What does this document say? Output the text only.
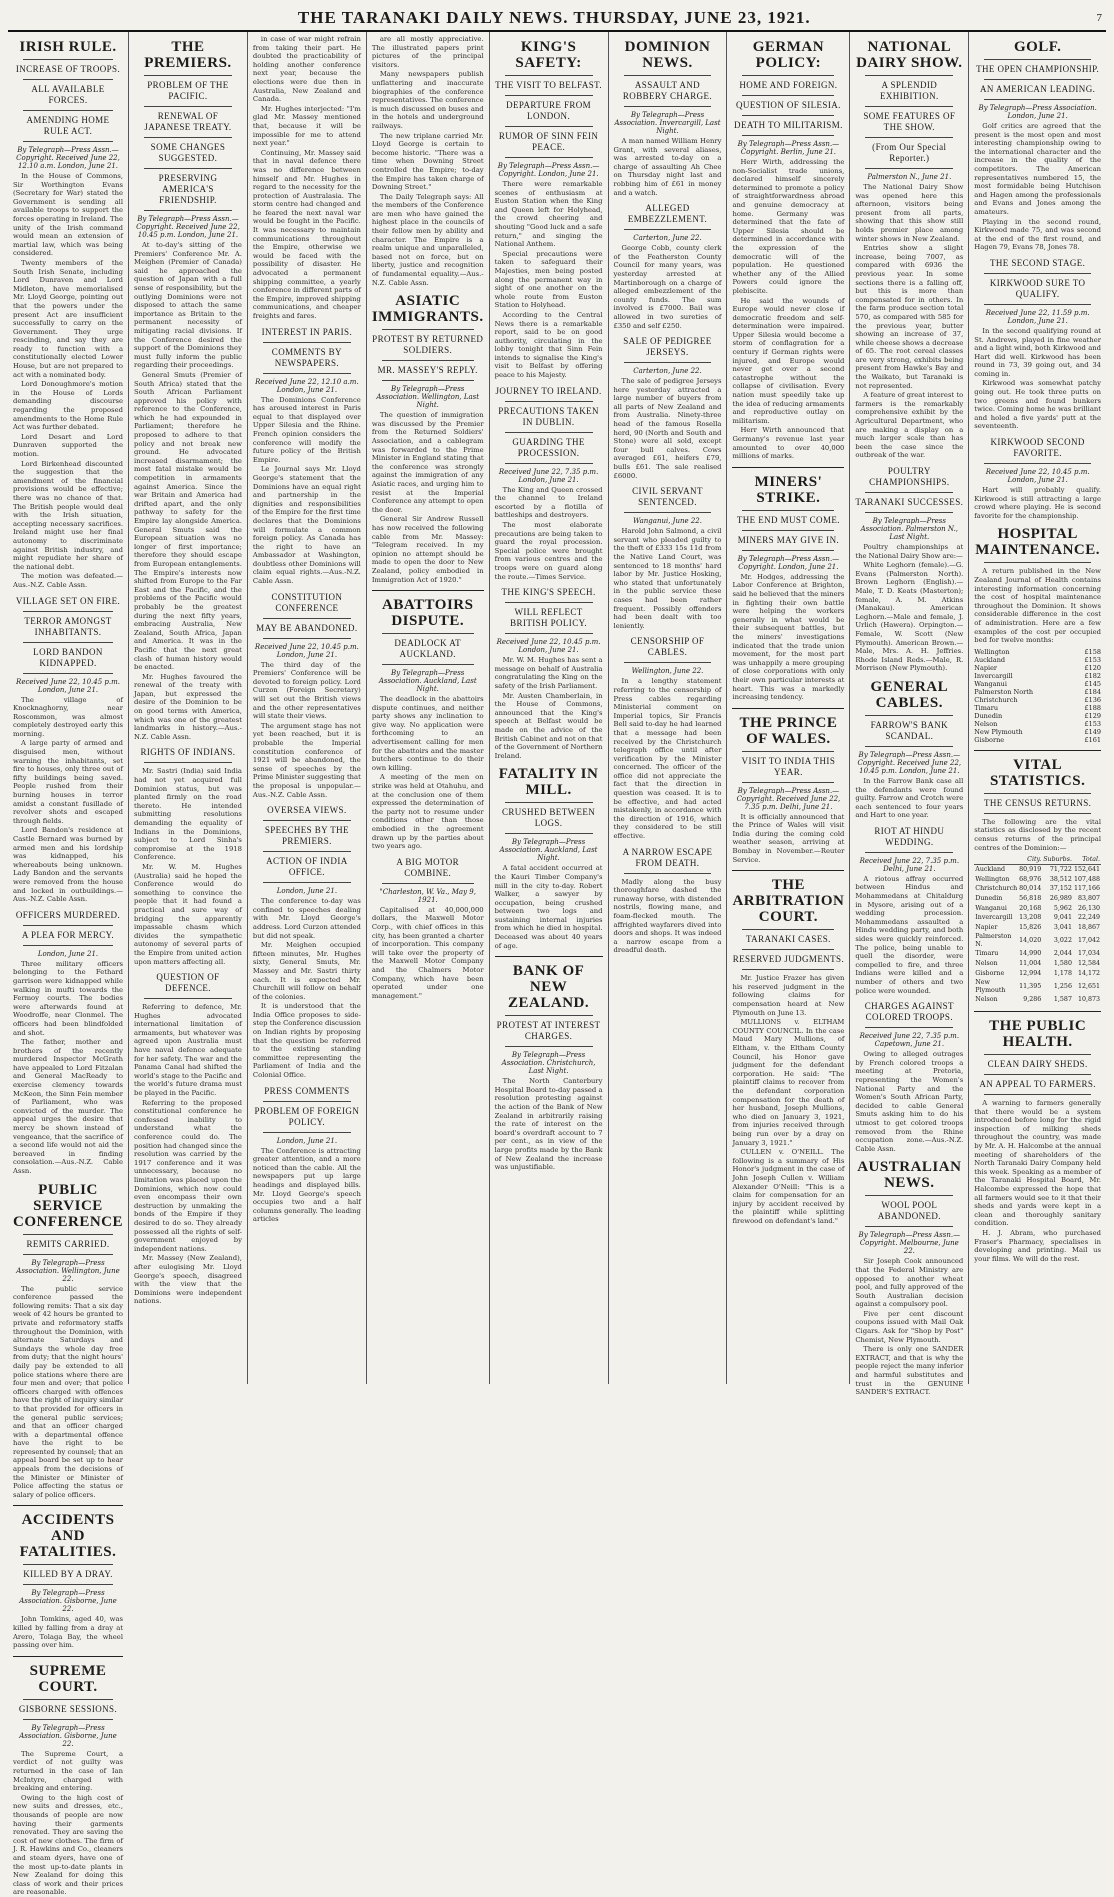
THE TARANAKI DAILY NEWS. THURSDAY, JUNE 23, 1921.	7
IRISH RULE.
INCREASE OF TROOPS.
ALL AVAILABLE FORCES.
AMENDING HOME RULE ACT.
By Telegraph—Press Assn.—Copyright. Received June 22, 12.10 a.m. London, June 21.

In the House of Commons, Sir Worthington Evans (Secretary for War) stated the Government is sending all available troops to support the forces operating in Ireland. The unity of the Irish command would mean an extension of martial law, which was being considered.

Twenty members of the South Irish Senate, including Lord Dunraven and Lord Midleton, have memorialised Mr. Lloyd George, pointing out that the powers under the present Act are insufficient successfully to carry on the Government. They urge rescinding, and say they are ready to function with a constitutionally elected Lower House, but are not prepared to act with a nominated body.

Lord Donoughmore's motion in the House of Lords demanding discourse regarding the proposed amendments to the Home Rule Act was further debated.

Lord Desart and Lord Dunraven supported the motion.

Lord Birkenhead discounted the suggestion that the amendment of the financial provisions would be effective; there was no chance of that. The British people would deal with the Irish situation, accepting necessary sacrifices. Ireland might use her final autonomy to discriminate against British industry, and might repudiate her share of the national debt.

The motion was defeated.—Aus.-N.Z. Cable Assn.

VILLAGE SET ON FIRE.
TERROR AMONGST INHABITANTS.
LORD BANDON KIDNAPPED.
Received June 22, 10.45 p.m. London, June 21.

The village of Knocknaghorny, near Roscommon, was almost completely destroyed early this morning.

A large party of armed and disguised men, without warning the inhabitants, set fire to houses, only three out of fifty buildings being saved. People rushed from their burning houses in terror amidst a constant fusillade of revolver shots and escaped through fields.

Lord Bandon's residence at Castle Bernard was burned by armed men and his lordship was kidnapped, his whereabouts being unknown. Lady Bandon and the servants were removed from the house and locked in outbuildings.—Aus.-N.Z. Cable Assn.

OFFICERS MURDERED.
A PLEA FOR MERCY.
London, June 21.

Three military officers belonging to the Fethard garrison were kidnapped while walking in mufti towards the Fermoy courts. The bodies were afterwards found at Woodroffe, near Clonmel. The officers had been blindfolded and shot.

The father, mother and brothers of the recently murdered Inspector McGrath have appealed to Lord Fitzalan and General MacReady to exercise clemency towards McKeon, the Sinn Fein member of Parliament, who was convicted of the murder. The appeal urges the desire that mercy be shown instead of vengeance, that the sacrifice of a second life would not aid the bereaved in finding consolation.—Aus.-N.Z. Cable Assn.

PUBLIC SERVICE CONFERENCE
REMITS CARRIED.
By Telegraph—Press Association. Wellington, June 22.

The public service conference passed the following remits: That a six day week of 42 hours be granted to private and reformatory staffs throughout the Dominion, with alternate Saturdays and Sundays the whole day free from duty; that the night hours' daily pay be extended to all police stations where there are four men and over; that police officers charged with offences have the right of inquiry similar to that provided for officers in the general public services; and that an officer charged with a departmental offence have the right to be represented by counsel; that an appeal board be set up to hear appeals from the decisions of the Minister or Minister of Police affecting the status or salary of police officers.

ACCIDENTS AND FATALITIES.
KILLED BY A DRAY.
By Telegraph—Press Association. Gisborne, June 22.

John Tomkins, aged 40, was killed by falling from a dray at Arero, Tolaga Bay, the wheel passing over him.

SUPREME COURT.
GISBORNE SESSIONS.
By Telegraph—Press Association. Gisborne, June 22.

The Supreme Court, a verdict of not guilty was returned in the case of Ian McIntyre, charged with breaking and entering.

Owing to the high cost of new suits and dresses, etc., thousands of people are now having their garments renovated. They are saving the cost of new clothes. The firm of J. R. Hawkins and Co., cleaners and steam dyers, have one of the most up-to-date plants in New Zealand for doing this class of work and their prices are reasonable.

THE PREMIERS.
PROBLEM OF THE PACIFIC.
RENEWAL OF JAPANESE TREATY.
SOME CHANGES SUGGESTED.
PRESERVING AMERICA'S FRIENDSHIP.
By Telegraph—Press Assn.—Copyright. Received June 22, 10.45 p.m. London, June 21.

At to-day's sitting of the Premiers' Conference Mr. A. Meighen (Premier of Canada) said he approached the question of Japan with a full sense of responsibility, but the outlying Dominions were not disposed to attach the same importance as Britain to the permanent necessity of mitigating racial divisions. If the Conference desired the support of the Dominions they must fully inform the public regarding their proceedings.

General Smuts (Premier of South Africa) stated that the South African Parliament approved his policy with reference to the Conference, which he had expounded in Parliament; therefore he proposed to adhere to that policy and not break new ground. He advocated increased disarmament; the most fatal mistake would be competition in armaments against America. Since the war Britain and America had drifted apart, and the only pathway to safety for the Empire lay alongside America. General Smuts said the European situation was no longer of first importance; therefore they should escape from European entanglements. The Empire's interests now shifted from Europe to the Far East and the Pacific, and the problems of the Pacific would probably be the greatest during the next fifty years, embracing Australia, New Zealand, South Africa, Japan and America. It was in the Pacific that the next great clash of human history would be enacted.

Mr. Hughes favoured the renewal of the treaty with Japan, but expressed the desire of the Dominion to be on good terms with America, which was one of the greatest landmarks in history.—Aus.-N.Z. Cable Assn.

RIGHTS OF INDIANS.

Mr. Sastri (India) said India had not yet acquired full Dominion status, but was planted firmly on the road thereto. He intended submitting resolutions demanding the equality of Indians in the Dominions, subject to Lord Sinha's compromise at the 1918 Conference.

Mr. W. M. Hughes (Australia) said he hoped the Conference would do something to convince the people that it had found a practical and sure way of bridging the apparently impassable chasm which divides the sympathetic autonomy of several parts of the Empire from united action upon matters affecting all.

QUESTION OF DEFENCE.

Referring to defence, Mr. Hughes advocated international limitation of armaments, but whatever was agreed upon Australia must have naval defence adequate for her safety. The war and the Panama Canal had shifted the world's stage to the Pacific and the world's future drama must be played in the Pacific.

Referring to the proposed constitutional conference he confessed inability to understand what the conference could do. The position had changed since the resolution was carried by the 1917 conference and it was unnecessary, because no limitation was placed upon the Dominions, which now could even encompass their own destruction by unmaking the bonds of the Empire if they desired to do so. They already possessed all the rights of self-government enjoyed by independent nations.

Mr. Massey (New Zealand), after eulogising Mr. Lloyd George's speech, disagreed with the view that the Dominions were independent nations.

in case of war might refrain from taking their part. He doubted the practicability of holding another conference next year, because the elections were due then in Australia, New Zealand and Canada.

Mr. Hughes interjected: "I'm glad Mr. Massey mentioned that, because it will be impossible for me to attend next year."

Continuing, Mr. Massey said that in naval defence there was no difference between himself and Mr. Hughes in regard to the necessity for the protection of Australasia. The storm centre had changed and he feared the next naval war would be fought in the Pacific. It was necessary to maintain communications throughout the Empire, otherwise we would be faced with the possibility of disaster. He advocated a permanent shipping committee, a yearly conference in different parts of the Empire, improved shipping communications, and cheaper freights and fares.

INTEREST IN PARIS.
COMMENTS BY NEWSPAPERS.
Received June 22, 12.10 a.m. London, June 21.

The Dominions Conference has aroused interest in Paris equal to that displayed over Upper Silesia and the Rhine. French opinion considers the conference will modify the future policy of the British Empire.

Le Journal says Mr. Lloyd George's statement that the Dominions have an equal right and partnership in the dignities and responsibilities of the Empire for the first time declares that the Dominions will formulate a common foreign policy. As Canada has the right to have an Ambassador at Washington, doubtless other Dominions will claim equal rights.—Aus.-N.Z. Cable Assn.

CONSTITUTION CONFERENCE
MAY BE ABANDONED.
Received June 22, 10.45 p.m. London, June 21.

The third day of the Premiers' Conference will be devoted to foreign policy. Lord Curzon (Foreign Secretary) will set out the British views and the other representatives will state their views.

The argument stage has not yet been reached, but it is probable the Imperial constitution conference of 1921 will be abandoned, the sense of speeches by the Prime Minister suggesting that the proposal is unpopular.—Aus.-N.Z. Cable Assn.

OVERSEA VIEWS.
SPEECHES BY THE PREMIERS.
ACTION OF INDIA OFFICE.
London, June 21.

The conference to-day was confined to speeches dealing with Mr. Lloyd George's address. Lord Curzon attended but did not speak.

Mr. Meighen occupied fifteen minutes, Mr. Hughes sixty, General Smuts, Mr. Massey and Mr. Sastri thirty each. It is expected Mr. Churchill will follow on behalf of the colonies.

It is understood that the India Office proposes to side-step the Conference discussion on Indian rights by proposing that the question be referred to the existing standing committee representing the Parliament of India and the Colonial Office.

PRESS COMMENTS
PROBLEM OF FOREIGN POLICY.
London, June 21.

The Conference is attracting greater attention, and a more noticed than the cable. All the newspapers put up large headings and displayed bills. Mr. Lloyd George's speech occupies two and a half columns generally. The leading articles

are all mostly appreciative. The illustrated papers print pictures of the principal visitors.

Many newspapers publish unflattering and inaccurate biographies of the conference representatives. The conference is much discussed on buses and in the hotels and underground railways.

The new triplane carried Mr. Lloyd George is certain to become historic. "There was a time when Downing Street controlled the Empire; to-day the Empire has taken charge of Downing Street."

The Daily Telegraph says: All the members of the Conference are men who have gained the highest place in the councils of their fellow men by ability and character. The Empire is a realm unique and unparalleled, based not on force, but on liberty, justice and recognition of fundamental equality.—Aus.-N.Z. Cable Assn.

ASIATIC IMMIGRANTS.
PROTEST BY RETURNED SOLDIERS.
MR. MASSEY'S REPLY.
By Telegraph—Press Association. Wellington, Last Night.

The question of immigration was discussed by the Premier from the Returned Soldiers' Association, and a cablegram was forwarded to the Prime Minister in England stating that the conference was strongly against the immigration of any Asiatic races, and urging him to resist at the Imperial Conference any attempt to open the door.

General Sir Andrew Russell has now received the following cable from Mr. Massey: "Telegram received. In my opinion no attempt should be made to open the door to New Zealand, policy embodied in Immigration Act of 1920."

ABATTOIRS DISPUTE.
DEADLOCK AT AUCKLAND.
By Telegraph—Press Association. Auckland, Last Night.

The deadlock in the abattoirs dispute continues, and neither party shows any inclination to give way. No application were forthcoming to an advertisement calling for men for the abattoirs and the master butchers continue to do their own killing.

A meeting of the men on strike was held at Otahuhu, and at the conclusion one of them expressed the determination of the party not to resume under conditions other than those embodied in the agreement drawn up by the parties about two years ago.

A BIG MOTOR COMBINE.
"Charleston, W. Va., May 9, 1921.

Capitalised at 40,000,000 dollars, the Maxwell Motor Corp., with chief offices in this city, has been granted a charter of incorporation. This company will take over the property of the Maxwell Motor Company and the Chalmers Motor Company, which have been operated under one management."

KING'S SAFETY:
THE VISIT TO BELFAST.
DEPARTURE FROM LONDON.
RUMOR OF SINN FEIN PEACE.
By Telegraph—Press Assn.—Copyright. London, June 21.

There were remarkable scenes of enthusiasm at Euston Station when the King and Queen left for Holyhead, the crowd cheering and shouting "Good luck and a safe return," and singing the National Anthem.

Special precautions were taken to safeguard their Majesties, men being posted along the permanent way in sight of one another on the whole route from Euston Station to Holyhead.

According to the Central News there is a remarkable report, said to be on good authority, circulating in the lobby tonight that Sinn Fein intends to signalise the King's visit to Belfast by offering peace to his Majesty.

JOURNEY TO IRELAND.
PRECAUTIONS TAKEN IN DUBLIN.
GUARDING THE PROCESSION.
Received June 22, 7.35 p.m. London, June 21.

The King and Queen crossed the channel to Ireland escorted by a flotilla of battleships and destroyers.

The most elaborate precautions are being taken to guard the royal procession. Special police were brought from various centres and the troops were on guard along the route.—Times Service.

THE KING'S SPEECH.
WILL REFLECT BRITISH POLICY.
Received June 22, 10.45 p.m. London, June 21.

Mr. W. M. Hughes has sent a message on behalf of Australia congratulating the King on the safety of the Irish Parliament.

Mr. Austen Chamberlain, in the House of Commons, announced that the King's speech at Belfast would be made on the advice of the British Cabinet and not on that of the Government of Northern Ireland.

FATALITY IN MILL.
CRUSHED BETWEEN LOGS.
By Telegraph—Press Association. Auckland, Last Night.

A fatal accident occurred at the Kauri Timber Company's mill in the city to-day. Robert Walker, a sawyer by occupation, being crushed between two logs and sustaining internal injuries from which he died in hospital. Deceased was about 40 years of age.

BANK OF NEW ZEALAND.
PROTEST AT INTEREST CHARGES.
By Telegraph—Press Association. Christchurch, Last Night.

The North Canterbury Hospital Board to-day passed a resolution protesting against the action of the Bank of New Zealand in arbitrarily raising the rate of interest on the board's overdraft account to 7 per cent., as in view of the large profits made by the Bank of New Zealand the increase was unjustifiable.

DOMINION NEWS.
ASSAULT AND ROBBERY CHARGE.
By Telegraph—Press Association. Invercargill, Last Night.

A man named William Henry Grant, with several aliases, was arrested to-day on a charge of assaulting Ah Chee on Thursday night last and robbing him of £61 in money and a watch.

ALLEGED EMBEZZLEMENT.
Carterton, June 22.

George Cobb, county clerk of the Featherston County Council for many years, was yesterday arrested at Martinborough on a charge of alleged embezzlement of the county funds. The sum involved is £7000. Bail was allowed in two sureties of £350 and self £250.

SALE OF PEDIGREE JERSEYS.
Carterton, June 22.

The sale of pedigree Jerseys here yesterday attracted a large number of buyers from all parts of New Zealand and from Australia. Ninety-three head of the famous Rosella herd, 90 (North and South and Stone) were all sold, except four bull calves. Cows averaged £61, heifers £79, bulls £61. The sale realised £6000.

CIVIL SERVANT SENTENCED.
Wanganui, June 22.

Harold John Salmond, a civil servant who pleaded guilty to the theft of £333 15s 11d from the Native Land Court, was sentenced to 18 months' hard labor by Mr. Justice Hosking, who stated that unfortunately in the public service these cases had been rather frequent. Possibly offenders had been dealt with too leniently.

CENSORSHIP OF CABLES.
Wellington, June 22.

In a lengthy statement referring to the censorship of Press cables regarding Ministerial comment on Imperial topics, Sir Francis Bell said to-day he had learned that a message had been received by the Christchurch telegraph office until after verification by the Minister concerned. The officer of the office did not appreciate the fact that the direction in question was ceased. It is to be effective, and had acted mistakenly, in accordance with the direction of 1916, which they considered to be still effective.

A NARROW ESCAPE FROM DEATH.

Madly along the busy thoroughfare dashed the runaway horse, with distended nostrils, flowing mane, and foam-flecked mouth. The affrighted wayfarers dived into doors and shops. It was indeed a narrow escape from a dreadful death.

GERMAN POLICY:
HOME AND FOREIGN.
QUESTION OF SILESIA.
DEATH TO MILITARISM.
By Telegraph—Press Assn.—Copyright. Berlin, June 21.

Herr Wirth, addressing the non-Socialist trade unions, declared himself sincerely determined to promote a policy of straightforwardness abroad and genuine democracy at home. Germany was determined that the fate of Upper Silesia should be determined in accordance with the expression of the democratic will of the population. He questioned whether any of the Allied Powers could ignore the plebiscite.

He said the wounds of Europe would never close if democratic freedom and self-determination were impaired. Upper Silesia would become a storm of conflagration for a century if German rights were injured, and Europe would never get over a second catastrophe without the collapse of civilisation. Every nation must speedily take up the idea of reducing armaments and reproductive outlay on militarism.

Herr Wirth announced that Germany's revenue last year amounted to over 40,000 millions of marks.

MINERS' STRIKE.
THE END MUST COME.
MINERS MAY GIVE IN.
By Telegraph—Press Assn.—Copyright. London, June 21.

Mr. Hodges, addressing the Labor Conference at Brighton, said he believed that the miners in fighting their own battle were helping the workers generally in what would be their subsequent battles, but the miners' investigations indicated that the trade union movement, for the most part was unhappily a mere grouping of close corporations with only their own particular interests at heart. This was a markedly increasing tendency.

THE PRINCE OF WALES.
VISIT TO INDIA THIS YEAR.
By Telegraph—Press Assn.—Copyright. Received June 22, 7.35 p.m. Delhi, June 21.

It is officially announced that the Prince of Wales will visit India during the coming cold weather season, arriving at Bombay in November.—Reuter Service.

THE ARBITRATION COURT.
TARANAKI CASES.
RESERVED JUDGMENTS.

Mr. Justice Frazer has given his reserved judgment in the following claims for compensation heard at New Plymouth on June 13.

MULLIONS v. ELTHAM COUNTY COUNCIL. In the case Maud Mary Mullions, of Eltham, v. the Eltham County Council, his Honor gave judgment for the defendant corporation. He said: "The plaintiff claims to recover from the defendant corporation compensation for the death of her husband, Joseph Mullions, who died on January 3, 1921, from injuries received through being run over by a dray on January 3, 1921."

CULLEN v. O'NEILL. The following is a summary of His Honor's judgment in the case of John Joseph Cullen v. William Alexander O'Neill: "This is a claim for compensation for an injury by accident received by the plaintiff while splitting firewood on defendant's land."

NATIONAL DAIRY SHOW.
A SPLENDID EXHIBITION.
SOME FEATURES OF THE SHOW.
(From Our Special Reporter.)
Palmerston N., June 21.

The National Dairy Show was opened here this afternoon, visitors being present from all parts, showing that this show still holds premier place among winter shows in New Zealand.

Entries show a slight increase, being 7007, as compared with 6936 the previous year. In some sections there is a falling off, but this is more than compensated for in others. In the farm produce section total 570, as compared with 585 for the previous year, butter showing an increase of 37, while cheese shows a decrease of 65. The root cereal classes are very strong, exhibits being present from Hawke's Bay and the Waikato, but Taranaki is not represented.

A feature of great interest to farmers is the remarkably comprehensive exhibit by the Agricultural Department, who are making a display on a much larger scale than has been the case since the outbreak of the war.

POULTRY CHAMPIONSHIPS.
TARANAKI SUCCESSES.
By Telegraph—Press Association. Palmerston N., Last Night.

Poultry championships at the National Dairy Show are:—

White Leghorn (female).—G. Evans (Palmerston North). Brown Leghorn (English).—Male, T. D. Keats (Masterton); female, A. M. Atkins (Manakau). American Leghorn.—Male and female, J. Urlich (Hawera). Orpington.—Female, W. Scott (New Plymouth). American Brown.—Male, Mrs. A. H. Jeffries. Rhode Island Reds.—Male, R. Morrison (New Plymouth).

GENERAL CABLES.
FARROW'S BANK SCANDAL.
By Telegraph—Press Assn.—Copyright. Received June 22, 10.45 p.m. London, June 21.

In the Farrow Bank case all the defendants were found guilty. Farrow and Crotch were each sentenced to four years and Hart to one year.

RIOT AT HINDU WEDDING.
Received June 22, 7.35 p.m. Delhi, June 21.

A riotous affray occurred between Hindus and Mohammedans at Chitaldurg in Mysore, arising out of a wedding procession. Mohammedans assaulted a Hindu wedding party, and both sides were quickly reinforced. The police, being unable to quell the disorder, were compelled to fire, and three Indians were killed and a number of others and two police were wounded.

CHARGES AGAINST COLORED TROOPS.
Received June 22, 7.35 p.m. Capetown, June 21.

Owing to alleged outrages by French colored troops a meeting at Pretoria, representing the Women's National Party and the Women's South African Party, decided to cable General Smuts asking him to do his utmost to get colored troops removed from the Rhine occupation zone.—Aus.-N.Z. Cable Assn.

AUSTRALIAN NEWS.
WOOL POOL ABANDONED.
By Telegraph—Press Assn.—Copyright. Melbourne, June 22.

Sir Joseph Cook announced that the Federal Ministry are opposed to another wheat pool, and fully approved of the South Australian decision against a compulsory pool.

Five per cent discount coupons issued with Mail Oak Cigars. Ask for "Shop by Post" Chemist, New Plymouth.

There is only one SANDER EXTRACT, and that is why the people reject the many inferior and harmful substitutes and trust in the GENUINE SANDER'S EXTRACT.

GOLF.
THE OPEN CHAMPIONSHIP.
AN AMERICAN LEADING.
By Telegraph—Press Association. London, June 21.

Golf critics are agreed that the present is the most open and most interesting championship owing to the international character and the increase in the quality of the competitors. The American representatives numbered 15, the most formidable being Hutchison and Hagen among the professionals and Evans and Jones among the amateurs.

Playing in the second round, Kirkwood made 75, and was second at the end of the first round, and Hagen 79, Evans 78, Jones 78.

THE SECOND STAGE.
KIRKWOOD SURE TO QUALIFY.
Received June 22, 11.59 p.m. London, June 21.

In the second qualifying round at St. Andrews, played in fine weather and a light wind, both Kirkwood and Hart did well. Kirkwood has been round in 73, 39 going out, and 34 coming in.

Kirkwood was somewhat patchy going out. He took three putts on two greens and found bunkers twice. Coming home he was brilliant and holed a five yards' putt at the seventeenth.

KIRKWOOD SECOND FAVORITE.
Received June 22, 10.45 p.m. London, June 21.

Hart will probably qualify. Kirkwood is still attracting a large crowd where playing. He is second favorite for the championship.

HOSPITAL MAINTENANCE.

A return published in the New Zealand Journal of Health contains interesting information concerning the cost of hospital maintenance throughout the Dominion. It shows considerable difference in the cost of administration. Here are a few examples of the cost per occupied bed for twelve months:

Wellington	£158
Auckland	£153
Napier	£120
Invercargill	£182
Wanganui	£145
Palmerston North	£184
Christchurch	£136
Timaru	£188
Dunedin	£129
Nelson	£153
New Plymouth	£149
Gisborne	£161
VITAL STATISTICS.
THE CENSUS RETURNS.

The following are the vital statistics as disclosed by the recent census returns of the principal centres of the Dominion:—

	City.	Suburbs.	Total.
Auckland	80,919	71,722	152,641
Wellington	68,976	38,512	107,488
Christchurch	80,014	37,152	117,166
Dunedin	56,818	26,989	83,807
Wanganui	20,168	5,962	26,130
Invercargill	13,208	9,041	22,249
Napier	15,826	3,041	18,867
Palmerston N.	14,020	3,022	17,042
Timaru	14,990	2,044	17,034
Nelson	11,004	1,580	12,584
Gisborne	12,994	1,178	14,172
New Plymouth	11,395	1,256	12,651
Nelson	9,286	1,587	10,873
THE PUBLIC HEALTH.
CLEAN DAIRY SHEDS.
AN APPEAL TO FARMERS.

A warning to farmers generally that there would be a system introduced before long for the rigid inspection of milking sheds throughout the country, was made by Mr. A. H. Halcombe at the annual meeting of shareholders of the North Taranaki Dairy Company held this week. Speaking as a member of the Taranaki Hospital Board, Mr. Halcombe expressed the hope that all farmers would see to it that their sheds and yards were kept in a clean and thoroughly sanitary condition.

H. J. Abram, who purchased Fraser's Pharmacy, specialises in developing and printing. Mail us your films. We will do the rest.
